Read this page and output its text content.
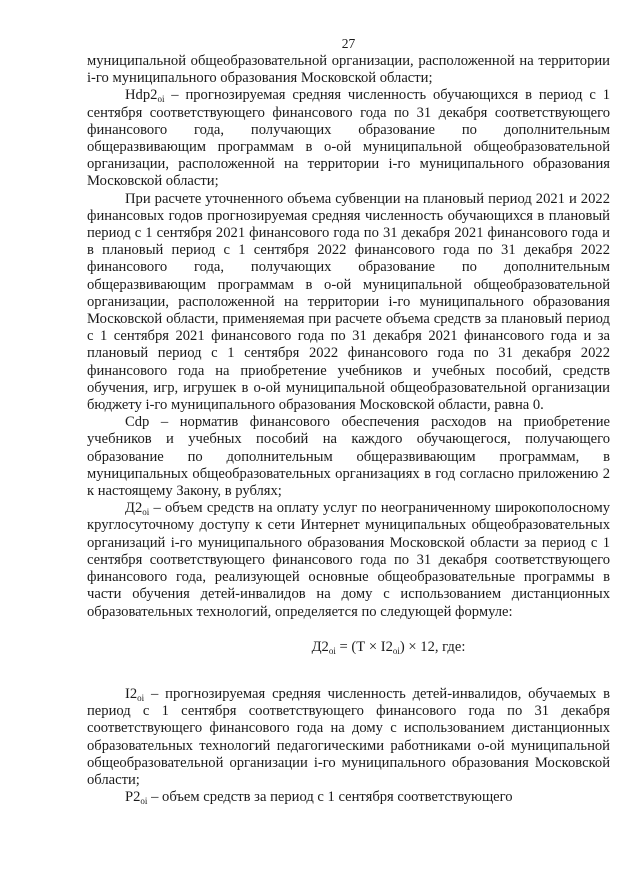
27

муниципальной общеобразовательной организации, расположенной на территории i-го муниципального образования Московской области;

$Hdp2_{oi}$ – прогнозируемая средняя численность обучающихся в период с 1 сентября соответствующего финансового года по 31 декабря соответствующего финансового года, получающих образование по дополнительным общеразвивающим программам в o-ой муниципальной общеобразовательной организации, расположенной на территории i-го муниципального образования Московской области;

При расчете уточненного объема субвенции на плановый период 2021 и 2022 финансовых годов прогнозируемая средняя численность обучающихся в плановый период с 1 сентября 2021 финансового года по 31 декабря 2021 финансового года и в плановый период с 1 сентября 2022 финансового года по 31 декабря 2022 финансового года, получающих образование по дополнительным общеразвивающим программам в o-ой муниципальной общеобразовательной организации, расположенной на территории i-го муниципального образования Московской области, применяемая при расчете объема средств за плановый период с 1 сентября 2021 финансового года по 31 декабря 2021 финансового года и за плановый период с 1 сентября 2022 финансового года по 31 декабря 2022 финансового года на приобретение учебников и учебных пособий, средств обучения, игр, игрушек в o-ой муниципальной общеобразовательной организации бюджету i-го муниципального образования Московской области, равна 0.

Cdp – норматив финансового обеспечения расходов на приобретение учебников и учебных пособий на каждого обучающегося, получающего образование по дополнительным общеразвивающим программам, в муниципальных общеобразовательных организациях в год согласно приложению 2 к настоящему Закону, в рублях;

$Д2_{oi}$ – объем средств на оплату услуг по неограниченному широкополосному круглосуточному доступу к сети Интернет муниципальных общеобразовательных организаций i-го муниципального образования Московской области за период с 1 сентября соответствующего финансового года по 31 декабря соответствующего финансового года, реализующей основные общеобразовательные программы в части обучения детей-инвалидов на дому с использованием дистанционных образовательных технологий, определяется по следующей формуле:

$Д2_{oi} = (Т \times I2_{oi}) \times 12$, где:

$I2_{oi}$ – прогнозируемая средняя численность детей-инвалидов, обучаемых в период с 1 сентября соответствующего финансового года по 31 декабря соответствующего финансового года на дому с использованием дистанционных образовательных технологий педагогическими работниками o-ой муниципальной общеобразовательной организации i-го муниципального образования Московской области;

$Р2_{oi}$ – объем средств за период с 1 сентября соответствующего
